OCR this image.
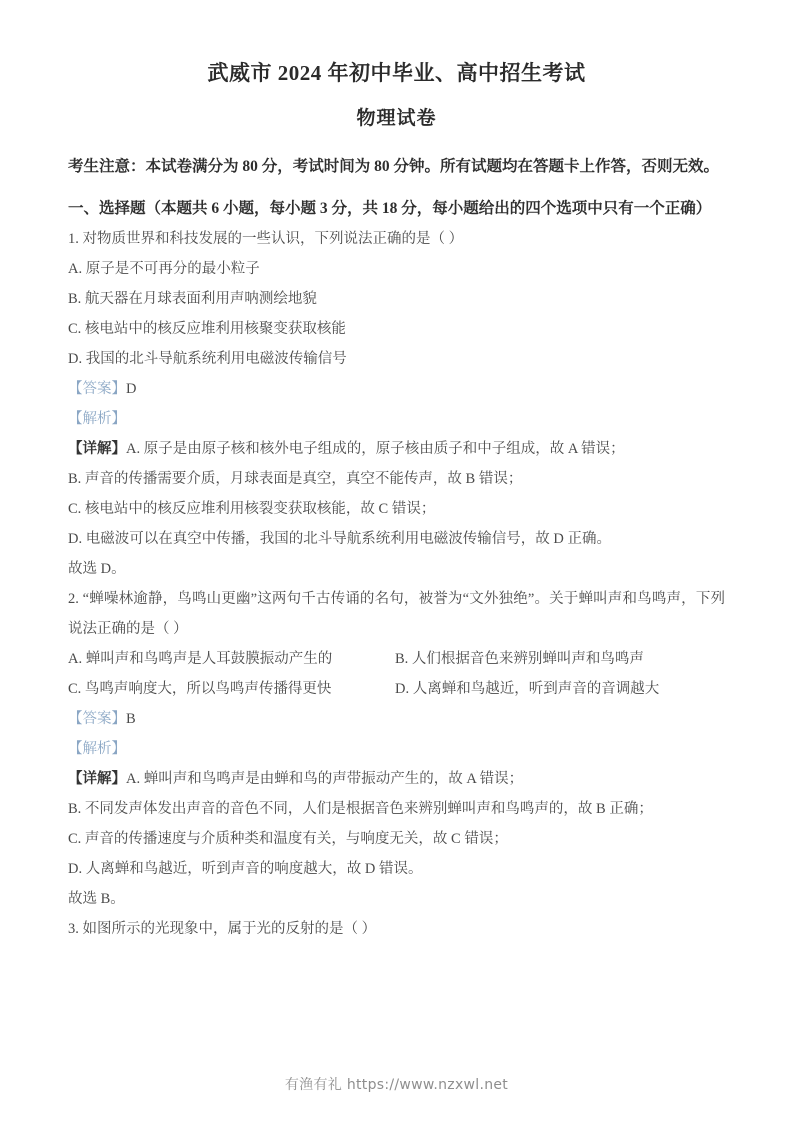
武威市 2024 年初中毕业、高中招生考试
物理试卷
考生注意：本试卷满分为 80 分，考试时间为 80 分钟。所有试题均在答题卡上作答，否则无效。
一、选择题（本题共 6 小题，每小题 3 分，共 18 分，每小题给出的四个选项中只有一个正确）
1. 对物质世界和科技发展的一些认识，下列说法正确的是（ ）
A. 原子是不可再分的最小粒子
B. 航天器在月球表面利用声呐测绘地貌
C. 核电站中的核反应堆利用核聚变获取核能
D. 我国的北斗导航系统利用电磁波传输信号
【答案】D
【解析】
【详解】A. 原子是由原子核和核外电子组成的，原子核由质子和中子组成，故 A 错误；
B. 声音的传播需要介质，月球表面是真空，真空不能传声，故 B 错误；
C. 核电站中的核反应堆利用核裂变获取核能，故 C 错误；
D. 电磁波可以在真空中传播，我国的北斗导航系统利用电磁波传输信号，故 D 正确。
故选 D。
2. “蝉噪林逾静，鸟鸣山更幽”这两句千古传诵的名句，被誉为“文外独绝”。关于蝉叫声和鸟鸣声，下列说法正确的是（ ）
A. 蝉叫声和鸟鸣声是人耳鼓膜振动产生的	B. 人们根据音色来辨别蝉叫声和鸟鸣声
C. 鸟鸣声响度大，所以鸟鸣声传播得更快	D. 人离蝉和鸟越近，听到声音的音调越大
【答案】B
【解析】
【详解】A. 蝉叫声和鸟鸣声是由蝉和鸟的声带振动产生的，故 A 错误；
B. 不同发声体发出声音的音色不同，人们是根据音色来辨别蝉叫声和鸟鸣声的，故 B 正确；
C. 声音的传播速度与介质种类和温度有关，与响度无关，故 C 错误；
D. 人离蝉和鸟越近，听到声音的响度越大，故 D 错误。
故选 B。
3. 如图所示的光现象中，属于光的反射的是（ ）
有渔有礼 https://www.nzxwl.net
